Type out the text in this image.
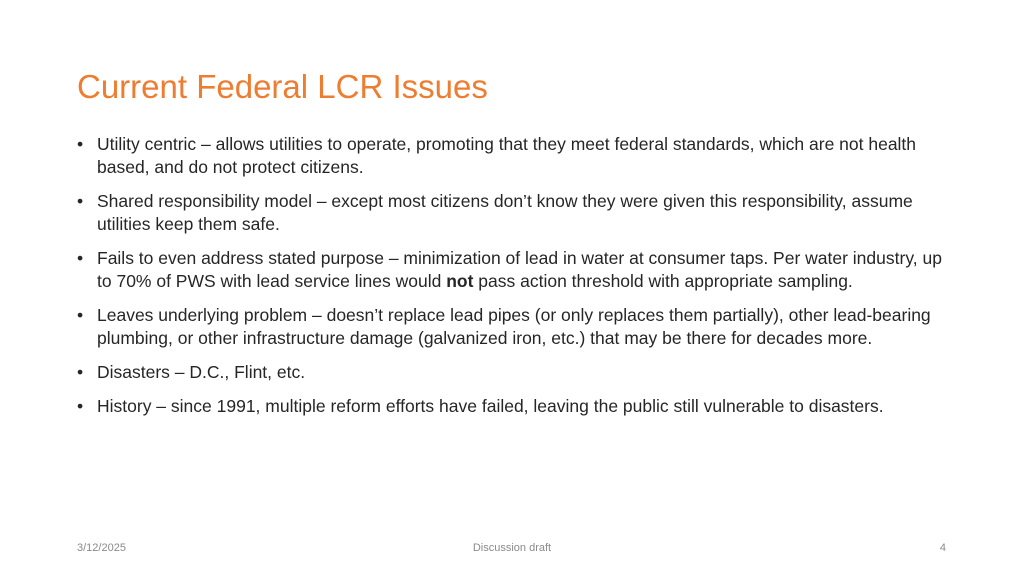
Current Federal LCR Issues
• Utility centric – allows utilities to operate, promoting that they meet federal standards, which are not health based, and do not protect citizens.
• Shared responsibility model – except most citizens don’t know they were given this responsibility, assume utilities keep them safe.
• Fails to even address stated purpose – minimization of lead in water at consumer taps. Per water industry, up to 70% of PWS with lead service lines would not pass action threshold with appropriate sampling.
• Leaves underlying problem – doesn’t replace lead pipes (or only replaces them partially), other lead-bearing plumbing, or other infrastructure damage (galvanized iron, etc.) that may be there for decades more.
• Disasters – D.C., Flint, etc.
• History – since 1991, multiple reform efforts have failed, leaving the public still vulnerable to disasters.
3/12/2025	Discussion draft	4
